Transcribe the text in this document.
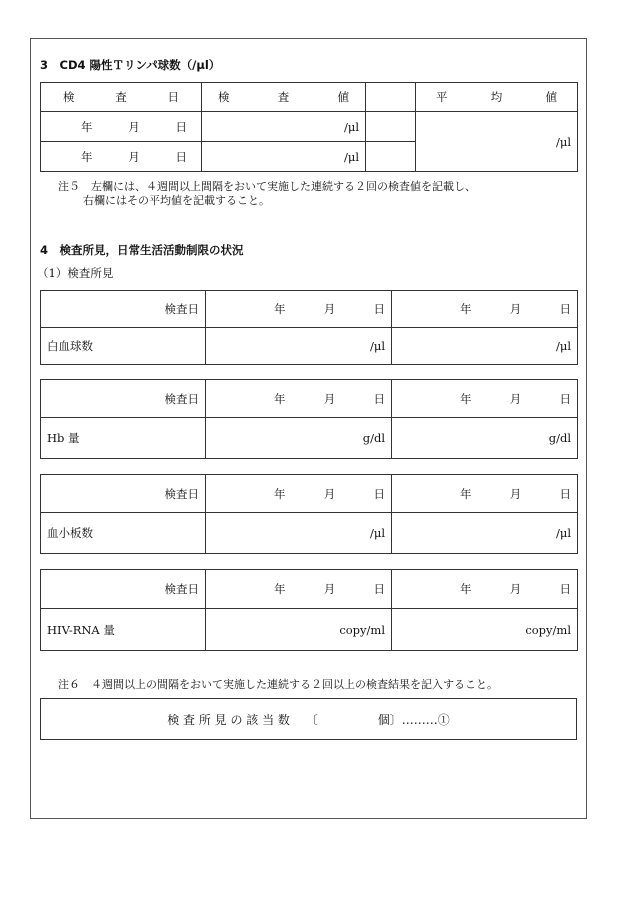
3　CD4 陽性Ｔリンパ球数（/μl）
検 査 日	検 査 値		平 均 値

年 月 日	/μl		/μl

年 月 日	/μl		
注５　左欄には、４週間以上間隔をおいて実施した連続する２回の検査値を記載し、
右欄にはその平均値を記載すること。
4　検査所見，日常生活活動制限の状況
（1）検査所見
検査日	年 月 日	年 月 日

白血球数	/μl	/μl
検査日	年 月 日	年 月 日

Hb 量	g/dl	g/dl
検査日	年 月 日	年 月 日

血小板数	/μl	/μl
検査日	年 月 日	年 月 日

HIV-RNA 量	copy/ml	copy/ml
注６　４週間以上の間隔をおいて実施した連続する２回以上の検査結果を記入すること。
検 査 所 見 の 該 当 数
　 〔
　　　　　	個〕………①
